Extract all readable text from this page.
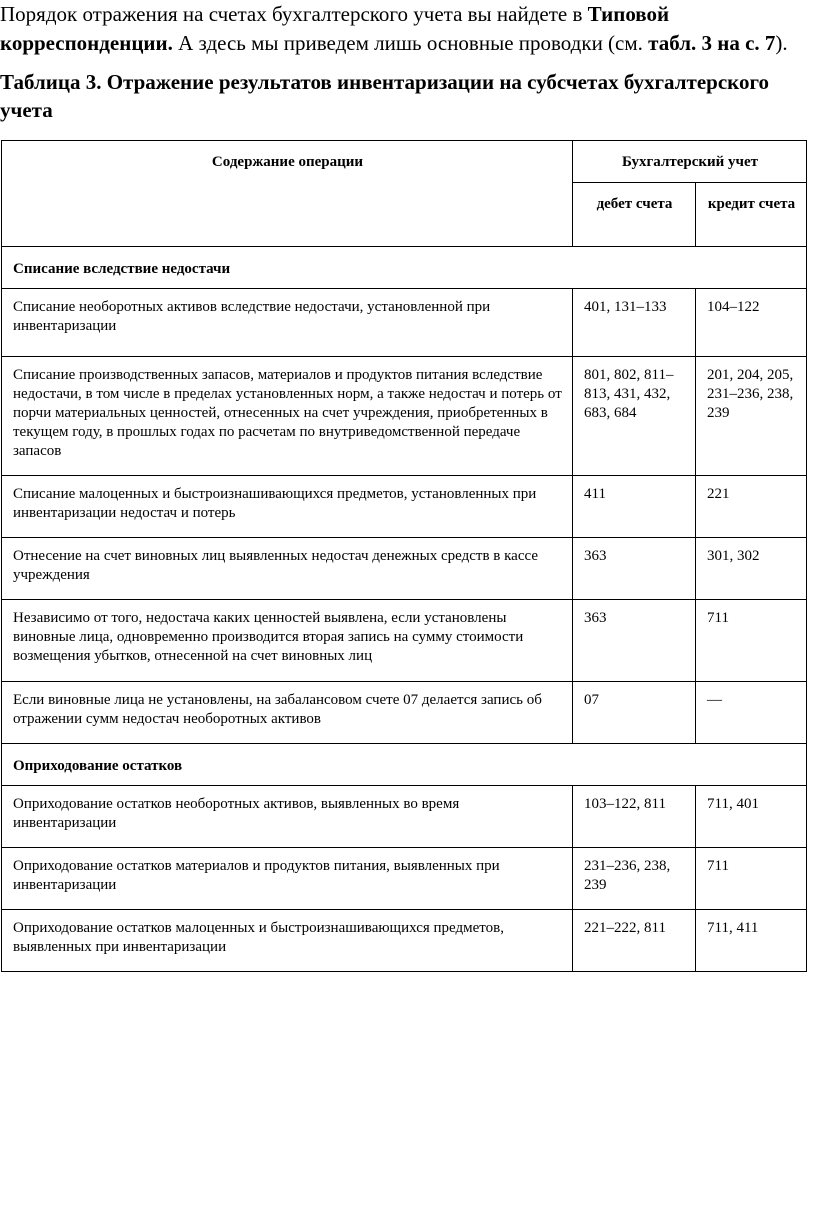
Порядок отражения на счетах бухгалтерского учета вы найдете в Типовой корреспонденции. А здесь мы приведем лишь основные проводки (см. табл. 3 на с. 7).

Таблица 3. Отражение результатов инвентаризации на субсчетах бухгалтерского учета
Содержание операции	Бухгалтерский учет	
	дебет счета	кредит счета
Списание вследствие недостачи		
Списание необоротных активов вследствие недостачи, установленной при инвентаризации	401, 131–133	104–122
Списание производственных запасов, материалов и продуктов питания вследствие недостачи, в том числе в пределах установленных норм, а также недостач и потерь от порчи материальных ценностей, отнесенных на счет учреждения, приобретенных в текущем году, в прошлых годах по расчетам по внутриведомственной передаче запасов	801, 802, 811–813, 431, 432, 683, 684	201, 204, 205, 231–236, 238, 239
Списание малоценных и быстроизнашивающихся предметов, установленных при инвентаризации недостач и потерь	411	221
Отнесение на счет виновных лиц выявленных недостач денежных средств в кассе учреждения	363	301, 302
Независимо от того, недостача каких ценностей выявлена, если установлены виновные лица, одновременно производится вторая запись на сумму стоимости возмещения убытков, отнесенной на счет виновных лиц	363	711
Если виновные лица не установлены, на забалансовом счете 07 делается запись об отражении сумм недостач необоротных активов	07	—
Оприходование остатков		
Оприходование остатков необоротных активов, выявленных во время инвентаризации	103–122, 811	711, 401
Оприходование остатков материалов и продуктов питания, выявленных при инвентаризации	231–236, 238, 239	711
Оприходование остатков малоценных и быстроизнашивающихся предметов, выявленных при инвентаризации	221–222, 811	711, 411
